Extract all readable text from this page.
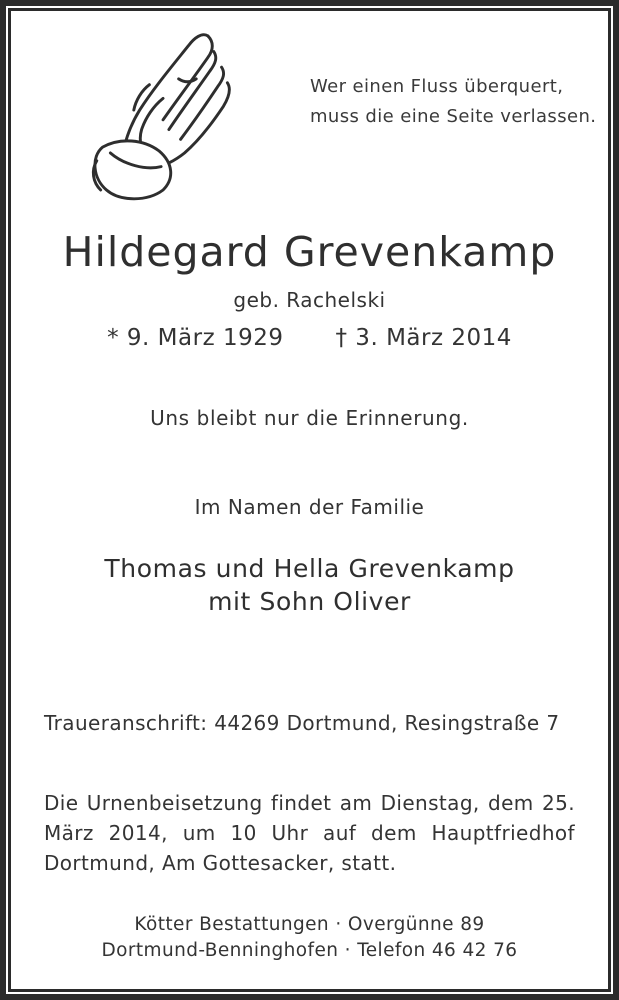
Wer einen Fluss überquert,
muss die eine Seite verlassen.
Hildegard Grevenkamp
geb. Rachelski
* 9. März 1929 † 3. März 2014
Uns bleibt nur die Erinnerung.
Im Namen der Familie
Thomas und Hella Grevenkamp
mit Sohn Oliver
Traueranschrift: 44269 Dortmund, Resingstraße 7
Die Urnenbeisetzung findet am Dienstag, dem 25. März 2014, um 10 Uhr auf dem Hauptfriedhof Dortmund, Am Gottesacker, statt.
Kötter Bestattungen · Overgünne 89
Dortmund-Benninghofen · Telefon 46 42 76
